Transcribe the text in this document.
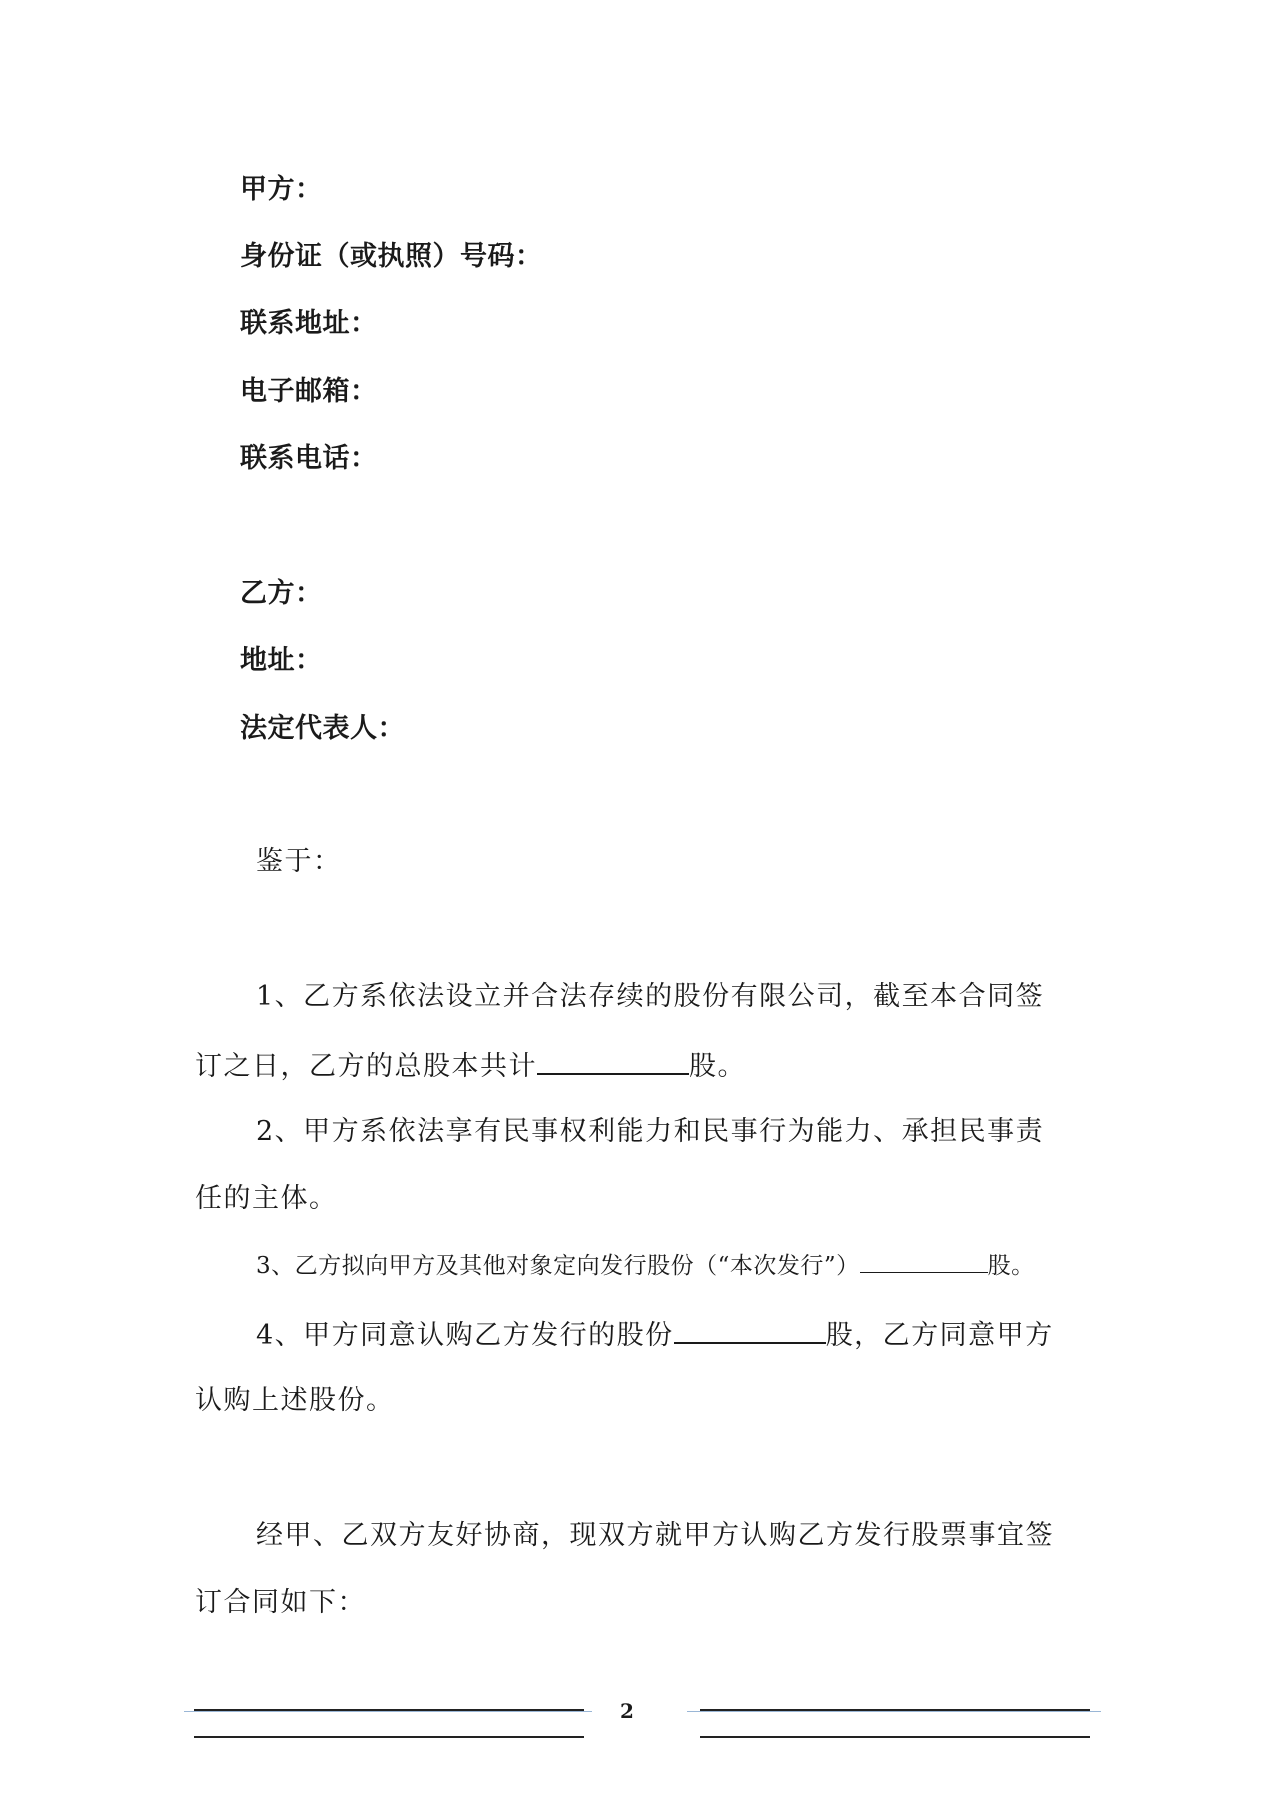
甲方：
身份证（或执照）号码：
联系地址：
电子邮箱：
联系电话：
乙方：
地址：
法定代表人：
鉴于：
1、乙方系依法设立并合法存续的股份有限公司，截至本合同签
订之日，乙方的总股本共计	股。
2、甲方系依法享有民事权利能力和民事行为能力、承担民事责
任的主体。
3、乙方拟向甲方及其他对象定向发行股份（“本次发行”）	股。
4、甲方同意认购乙方发行的股份	股，乙方同意甲方
认购上述股份。
经甲、乙双方友好协商，现双方就甲方认购乙方发行股票事宜签
订合同如下：
2
